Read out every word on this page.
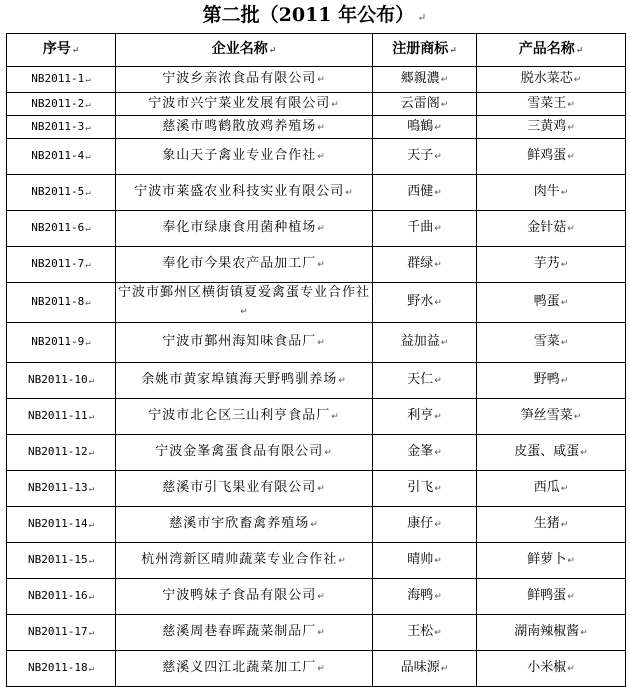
第二批（2011 年公布） ↵
序号↵	企业名称↵	注册商标↵	产品名称↵
NB2011-1↵	宁波乡亲浓食品有限公司↵	郷親濃↵	脱水菜芯↵
NB2011-2↵	宁波市兴宁菜业发展有限公司↵	云雷阁↵	雪菜王↵
NB2011-3↵	慈溪市鸣鹤散放鸡养殖场↵	鳴鶴↵	三黄鸡↵
NB2011-4↵	象山天子禽业专业合作社↵	天子↵	鲜鸡蛋↵
NB2011-5↵	宁波市莱盛农业科技实业有限公司↵	西健↵	肉牛↵
NB2011-6↵	奉化市绿康食用菌种植场↵	千曲↵	金针菇↵
NB2011-7↵	奉化市今果农产品加工厂↵	群绿↵	芋艿↵
NB2011-8↵	宁波市鄞州区横街镇夏爱禽蛋专业合作社↵	野水↵	鸭蛋↵
NB2011-9↵	宁波市鄞州海知味食品厂↵	益加益↵	雪菜↵
NB2011-10↵	余姚市黄家埠镇海天野鸭驯养场↵	天仁↵	野鸭↵
NB2011-11↵	宁波市北仑区三山利亨食品厂↵	利亨↵	笋丝雪菜↵
NB2011-12↵	宁波金峯禽蛋食品有限公司↵	金峯↵	皮蛋、咸蛋↵
NB2011-13↵	慈溪市引飞果业有限公司↵	引飞↵	西瓜↵
NB2011-14↵	慈溪市宇欣畜禽养殖场↵	康仔↵	生猪↵
NB2011-15↵	杭州湾新区晴帅蔬菜专业合作社↵	晴帅↵	鲜萝卜↵
NB2011-16↵	宁波鸭妹子食品有限公司↵	海鸭↵	鲜鸭蛋↵
NB2011-17↵	慈溪周巷春晖蔬菜制品厂↵	王松↵	湖南辣椒酱↵
NB2011-18↵	慈溪义四江北蔬菜加工厂↵	品味源↵	小米椒↵
